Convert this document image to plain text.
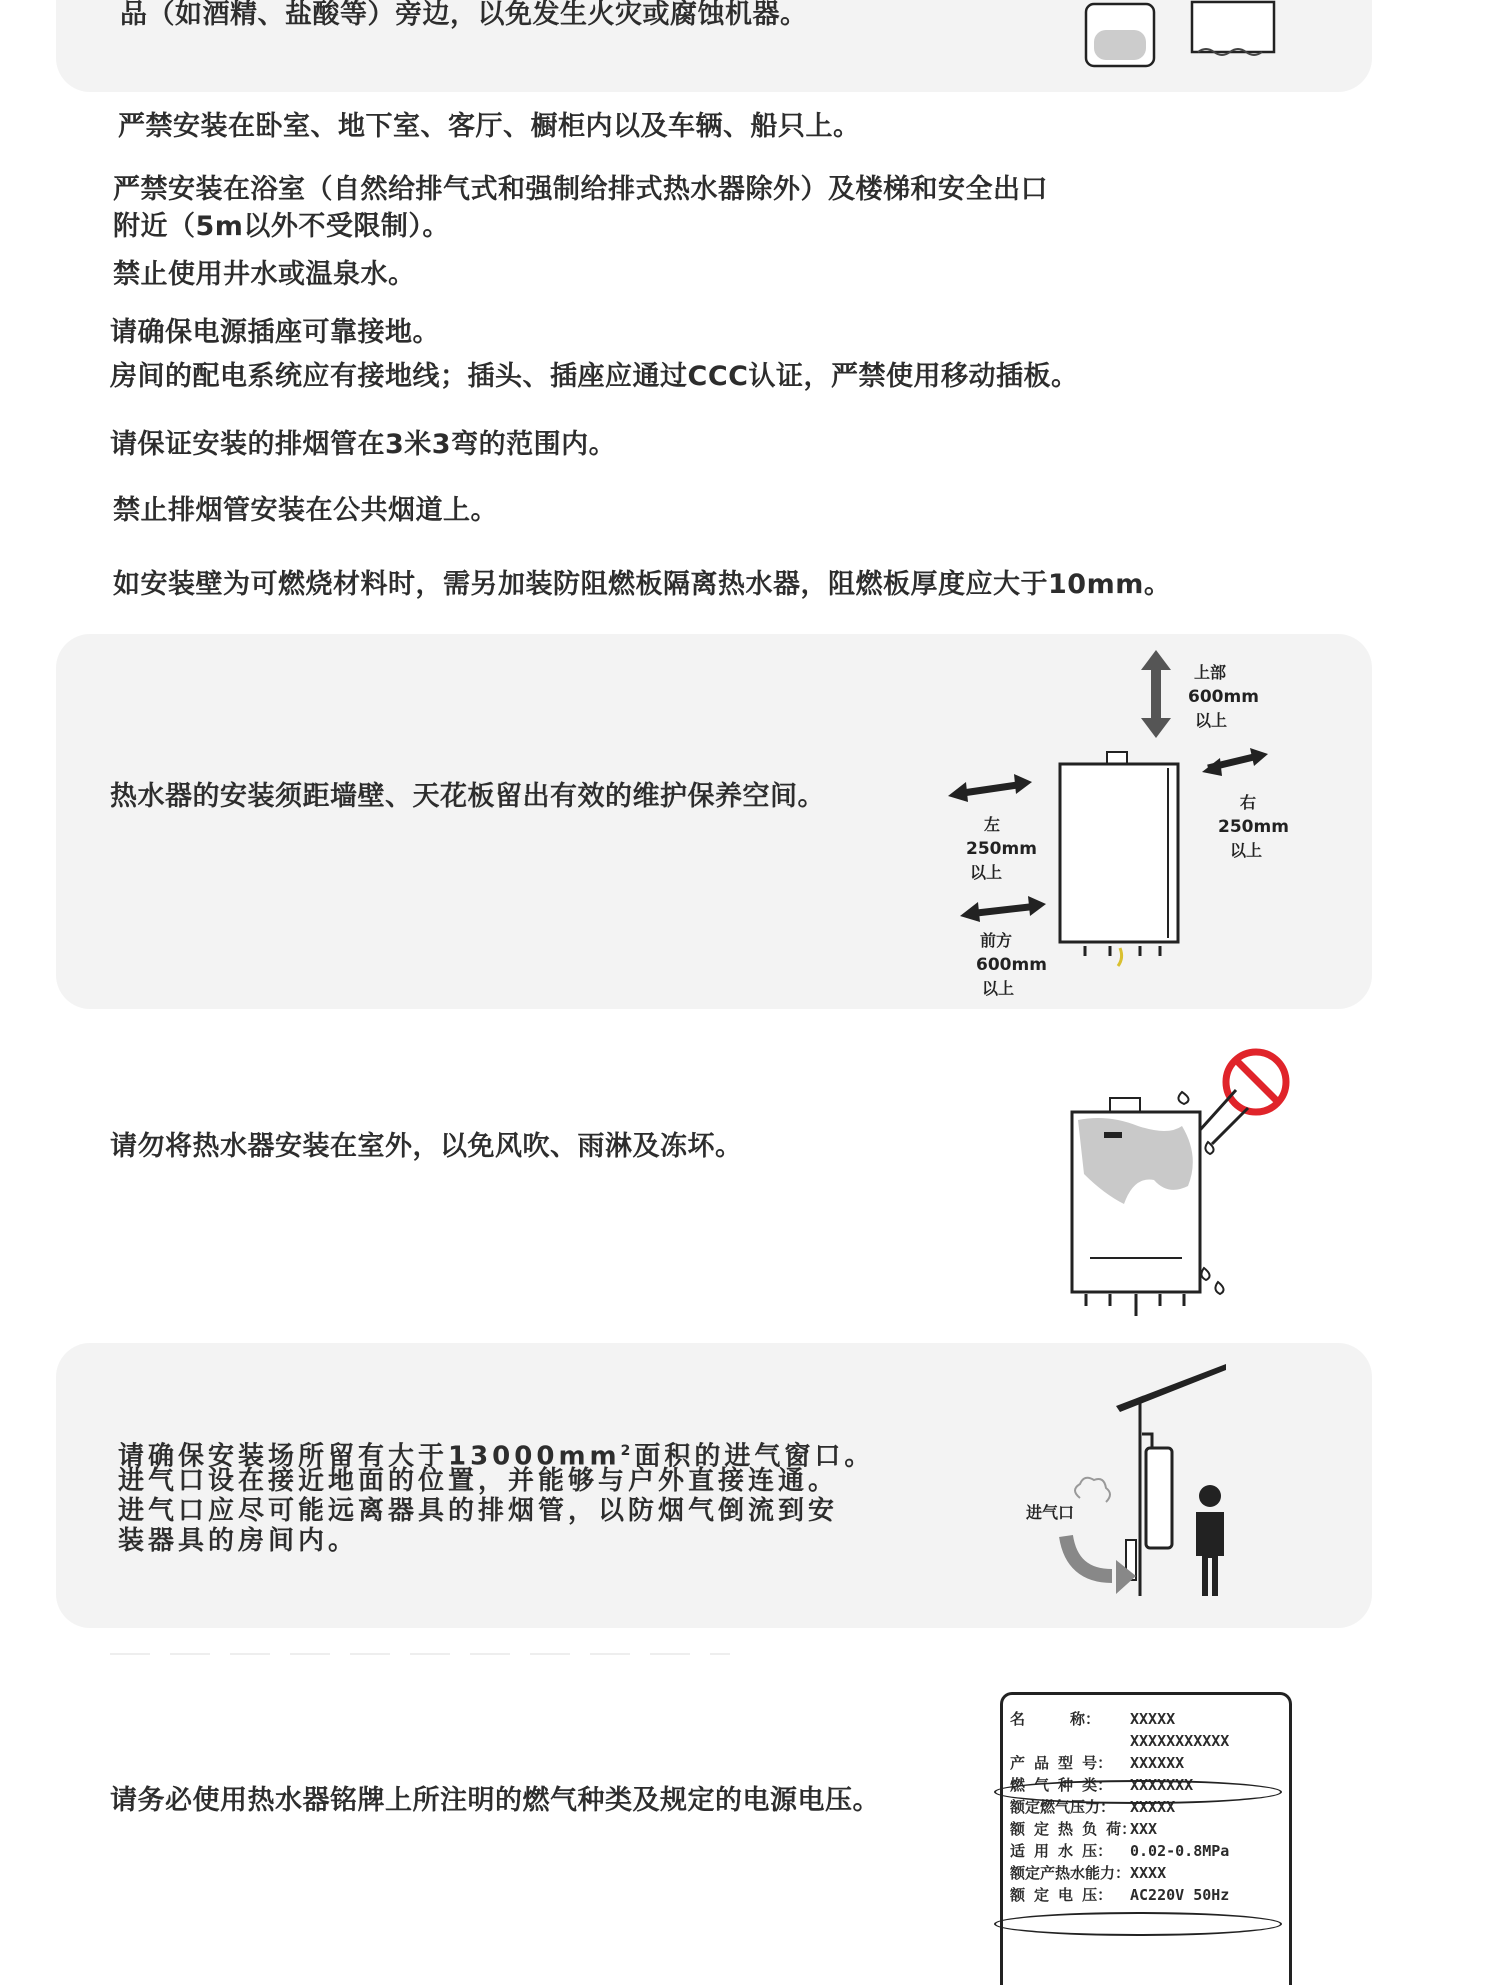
品（如酒精、盐酸等）旁边，以免发生火灾或腐蚀机器。
严禁安装在卧室、地下室、客厅、橱柜内以及车辆、船只上。
严禁安装在浴室（自然给排气式和强制给排式热水器除外）及楼梯和安全出口
附近（5m以外不受限制）。
禁止使用井水或温泉水。
请确保电源插座可靠接地。
房间的配电系统应有接地线；插头、插座应通过CCC认证，严禁使用移动插板。
请保证安装的排烟管在3米3弯的范围内。
禁止排烟管安装在公共烟道上。
如安装壁为可燃烧材料时，需另加装防阻燃板隔离热水器，阻燃板厚度应大于10mm。
热水器的安装须距墙壁、天花板留出有效的维护保养空间。
上部
600mm
以上
右
250mm
以上
左
250mm
以上
前方
600mm
以上
请勿将热水器安装在室外，以免风吹、雨淋及冻坏。
请确保安装场所留有大于$13000mm^2$面积的进气窗口。
进气口设在接近地面的位置，并能够与户外直接连通。
进气口应尽可能远离器具的排烟管，以防烟气倒流到安
装器具的房间内。
进气口
请务必使用热水器铭牌上所注明的燃气种类及规定的电源电压。
名　　　称： XXXXX
XXXXXXXXXXX
产 品 型 号： XXXXXX
燃 气 种 类： XXXXXXX
额定燃气压力： XXXXX
额 定 热 负 荷：XXX
适 用 水 压： 0.02-0.8MPa
额定产热水能力：XXXX
额 定 电 压： AC220V 50Hz
